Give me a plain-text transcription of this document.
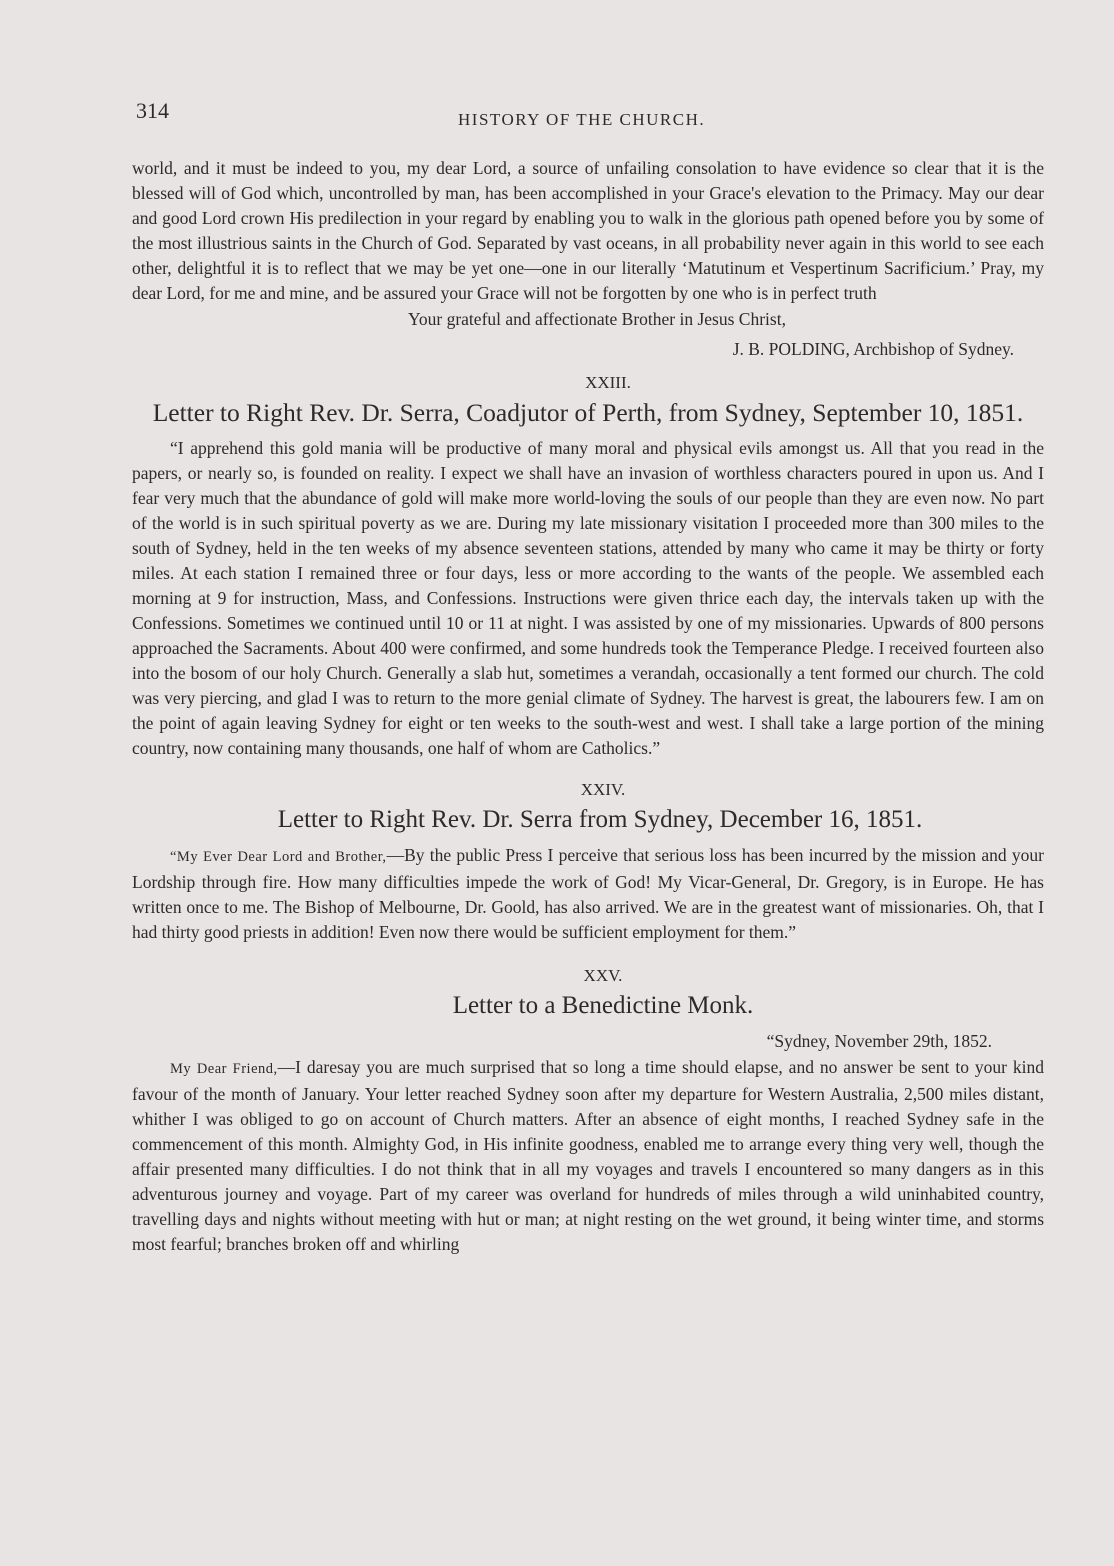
314	HISTORY OF THE CHURCH.

world, and it must be indeed to you, my dear Lord, a source of unfailing consolation to have evidence so clear that it is the blessed will of God which, uncontrolled by man, has been accomplished in your Grace's elevation to the Primacy. May our dear and good Lord crown His predilection in your regard by enabling you to walk in the glorious path opened before you by some of the most illustrious saints in the Church of God. Separated by vast oceans, in all probability never again in this world to see each other, delightful it is to reflect that we may be yet one—one in our literally ‘Matutinum et Vespertinum Sacrificium.’ Pray, my dear Lord, for me and mine, and be assured your Grace will not be forgotten by one who is in perfect truth

Your grateful and affectionate Brother in Jesus Christ,
J. B. POLDING, Archbishop of Sydney.
XXIII.
Letter to Right Rev. Dr. Serra, Coadjutor of Perth, from Sydney, September 10, 1851.

“I apprehend this gold mania will be productive of many moral and physical evils amongst us. All that you read in the papers, or nearly so, is founded on reality. I expect we shall have an invasion of worthless characters poured in upon us. And I fear very much that the abundance of gold will make more world-loving the souls of our people than they are even now. No part of the world is in such spiritual poverty as we are. During my late missionary visitation I proceeded more than 300 miles to the south of Sydney, held in the ten weeks of my absence seventeen stations, attended by many who came it may be thirty or forty miles. At each station I remained three or four days, less or more according to the wants of the people. We assembled each morning at 9 for instruction, Mass, and Confessions. Instructions were given thrice each day, the intervals taken up with the Confessions. Sometimes we continued until 10 or 11 at night. I was assisted by one of my missionaries. Upwards of 800 persons approached the Sacraments. About 400 were confirmed, and some hundreds took the Temperance Pledge. I received fourteen also into the bosom of our holy Church. Generally a slab hut, sometimes a verandah, occasionally a tent formed our church. The cold was very piercing, and glad I was to return to the more genial climate of Sydney. The harvest is great, the labourers few. I am on the point of again leaving Sydney for eight or ten weeks to the south-west and west. I shall take a large portion of the mining country, now containing many thousands, one half of whom are Catholics.”

XXIV.
Letter to Right Rev. Dr. Serra from Sydney, December 16, 1851.

“My Ever Dear Lord and Brother,—By the public Press I perceive that serious loss has been incurred by the mission and your Lordship through fire. How many difficulties impede the work of God! My Vicar-General, Dr. Gregory, is in Europe. He has written once to me. The Bishop of Melbourne, Dr. Goold, has also arrived. We are in the greatest want of missionaries. Oh, that I had thirty good priests in addition! Even now there would be sufficient employment for them.”

XXV.
Letter to a Benedictine Monk.
“Sydney, November 29th, 1852.

My Dear Friend,—I daresay you are much surprised that so long a time should elapse, and no answer be sent to your kind favour of the month of January. Your letter reached Sydney soon after my departure for Western Australia, 2,500 miles distant, whither I was obliged to go on account of Church matters. After an absence of eight months, I reached Sydney safe in the commencement of this month. Almighty God, in His infinite goodness, enabled me to arrange every thing very well, though the affair presented many difficulties. I do not think that in all my voyages and travels I encountered so many dangers as in this adventurous journey and voyage. Part of my career was overland for hundreds of miles through a wild uninhabited country, travelling days and nights without meeting with hut or man; at night resting on the wet ground, it being winter time, and storms most fearful; branches broken off and whirling
